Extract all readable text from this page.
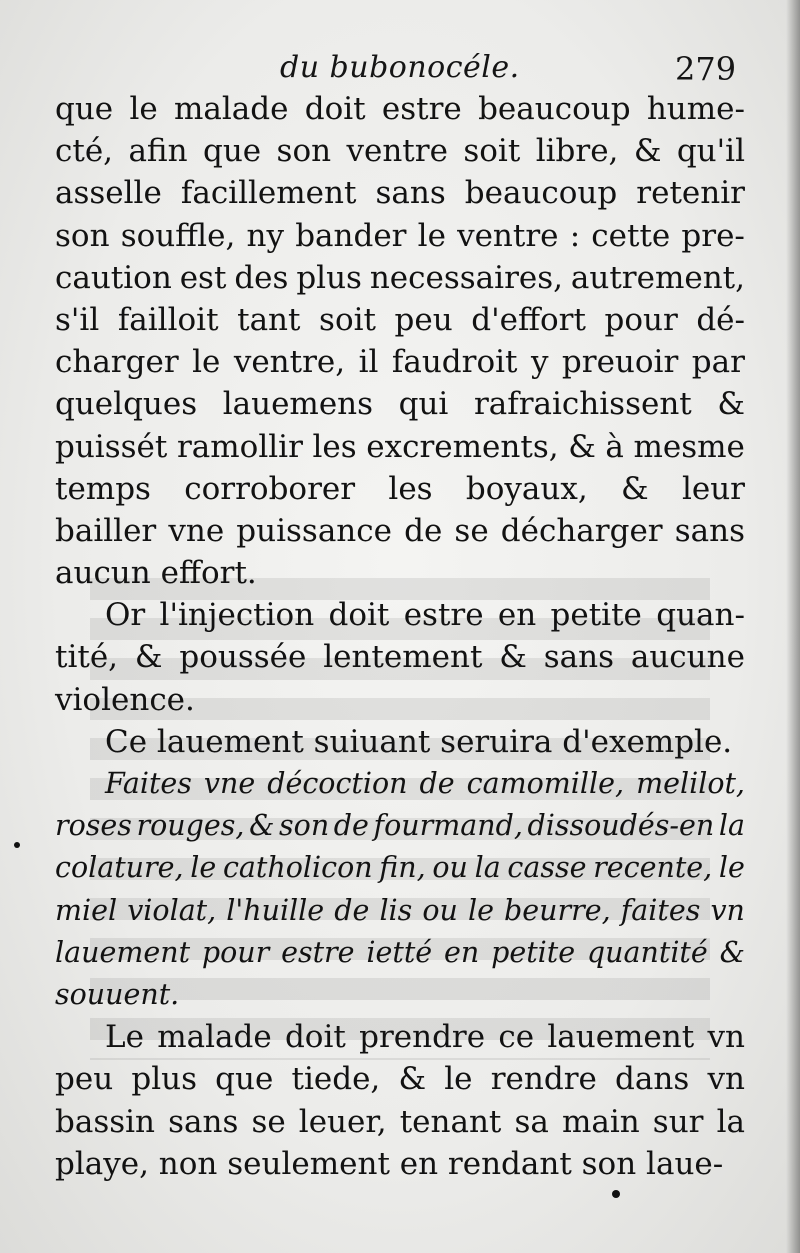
du bubonocéle.	279
que le malade doit estre beaucoup hume-
cté, afin que son ventre soit libre, & qu'il
asselle facillement sans beaucoup retenir
son souffle, ny bander le ventre : cette pre-
caution est des plus necessaires, autrement,
s'il failloit tant soit peu d'effort pour dé-
charger le ventre, il faudroit y preuoir par
quelques lauemens qui rafraichissent &
puissét ramollir les excrements, & à mesme
temps corroborer les boyaux, & leur
bailler vne puissance de se décharger sans
aucun effort.
Or l'injection doit estre en petite quan-
tité, & poussée lentement & sans aucune
violence.
Ce lauement suiuant seruira d'exemple.
Faites vne décoction de camomille, melilot,
roses rouges, & son de fourmand, dissoudés-en la
colature, le catholicon fin, ou la casse recente, le
miel violat, l'huille de lis ou le beurre, faites vn
lauement pour estre ietté en petite quantité &
souuent.
Le malade doit prendre ce lauement vn
peu plus que tiede, & le rendre dans vn
bassin sans se leuer, tenant sa main sur la
playe, non seulement en rendant son laue-
